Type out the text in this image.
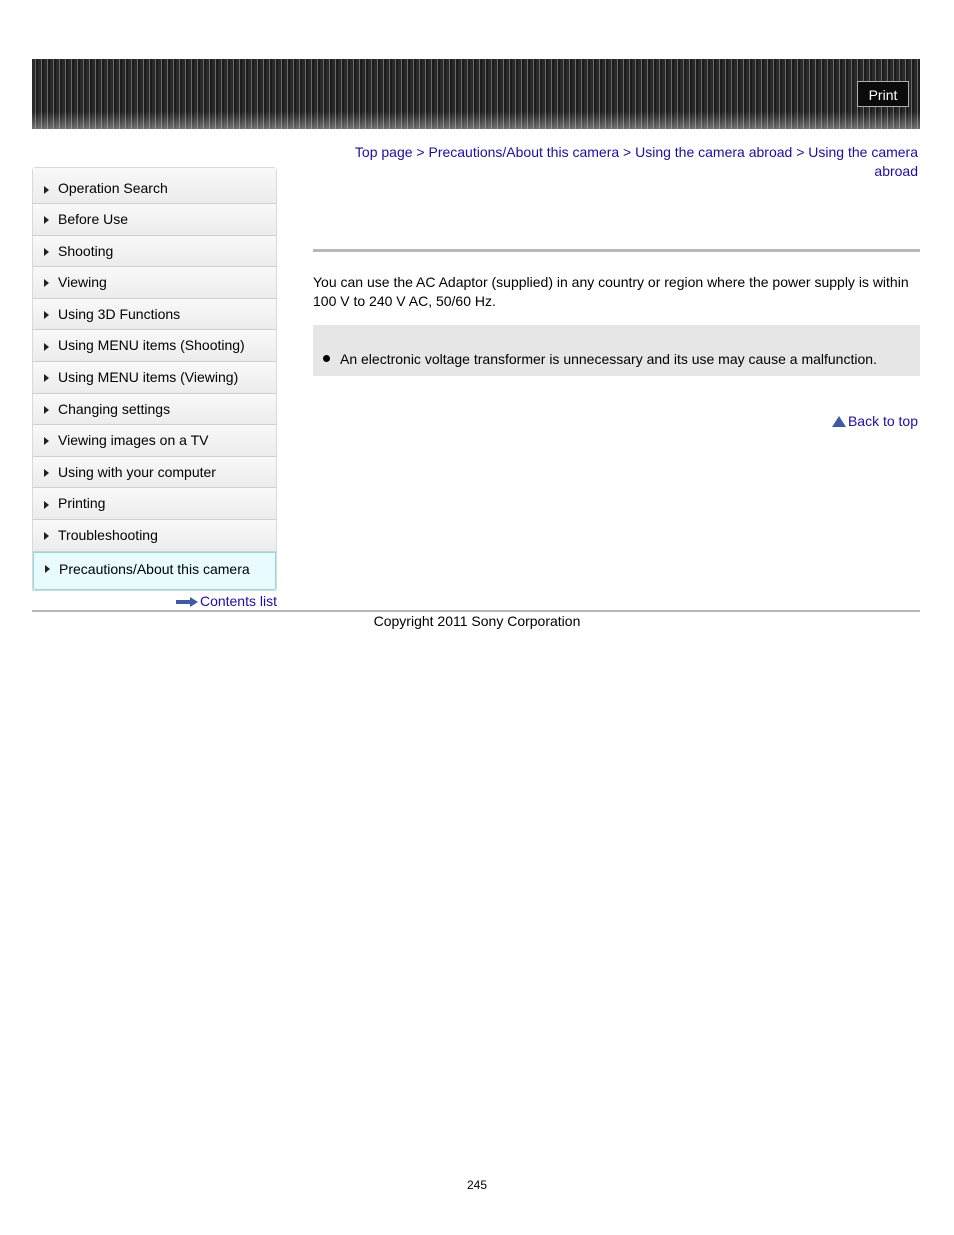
Print
Top page > Precautions/About this camera > Using the camera abroad > Using the camera abroad
Operation Search
Before Use
Shooting
Viewing
Using 3D Functions
Using MENU items (Shooting)
Using MENU items (Viewing)
Changing settings
Viewing images on a TV
Using with your computer
Printing
Troubleshooting
Precautions/About this camera
Contents list
You can use the AC Adaptor (supplied) in any country or region where the power supply is within 100 V to 240 V AC, 50/60 Hz.
An electronic voltage transformer is unnecessary and its use may cause a malfunction.
Back to top
Copyright 2011 Sony Corporation
245
